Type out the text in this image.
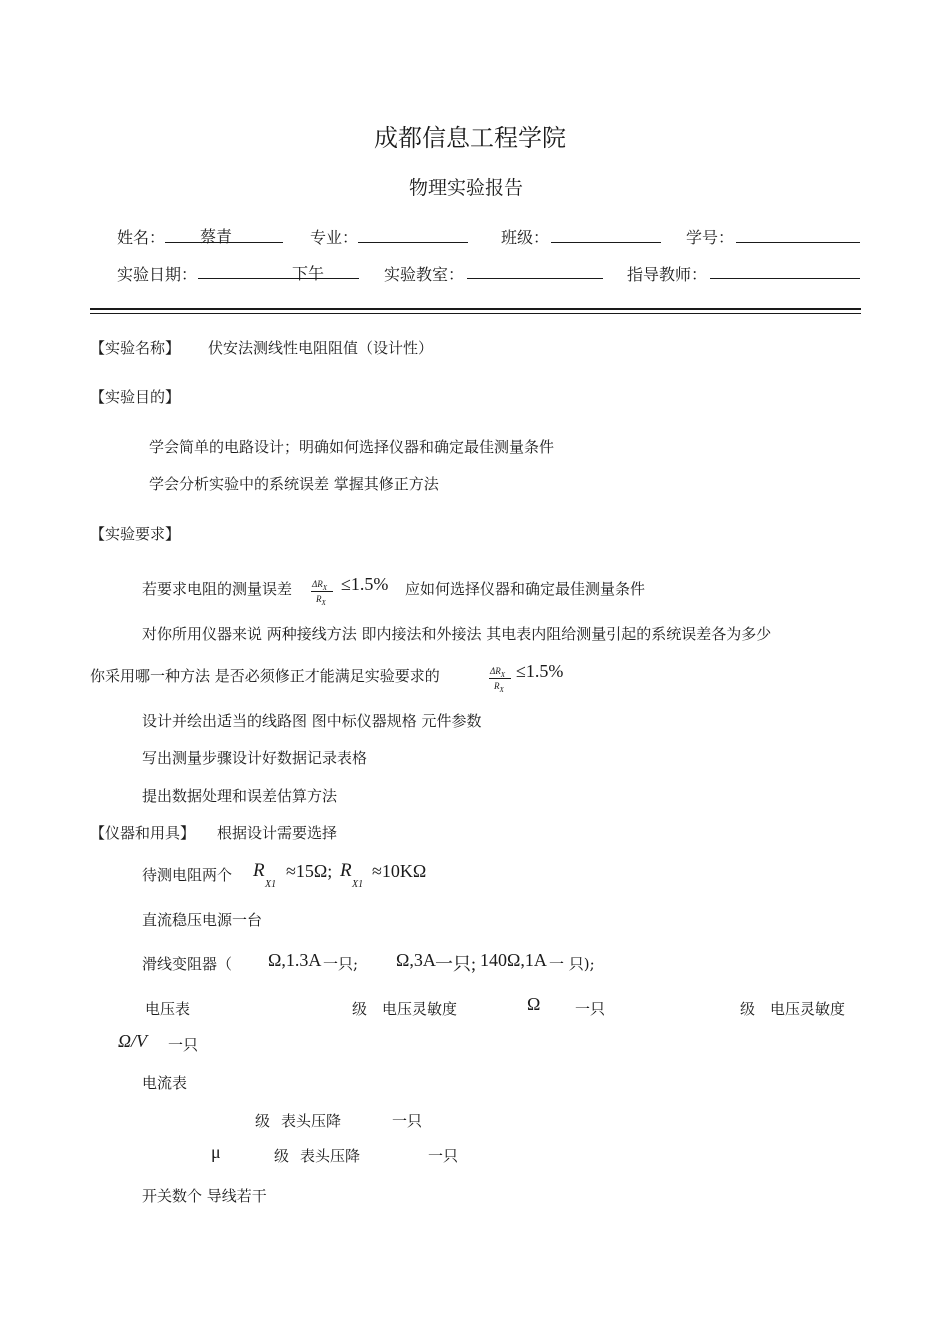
成都信息工程学院
物理实验报告
姓名： 蔡青	专业：	班级：	学号：
实验日期：	下午	实验教室：	指导教师：
【实验名称】 伏安法测线性电阻阻值（设计性）
【实验目的】
学会简单的电路设计；明确如何选择仪器和确定最佳测量条件
学会分析实验中的系统误差 掌握其修正方法
【实验要求】
若要求电阻的测量误差 $\Delta R_X$
$R_X$
≤1.5% 应如何选择仪器和确定最佳测量条件
对你所用仪器来说 两种接线方法 即内接法和外接法 其电表内阻给测量引起的系统误差各为多少
你采用哪一种方法 是否必须修正才能满足实验要求的	$\Delta R_X$
$R_X$
≤1.5%
设计并绘出适当的线路图 图中标仪器规格 元件参数
写出测量步骤设计好数据记录表格
提出数据处理和误差估算方法
【仪器和用具】 根据设计需要选择
待测电阻两个 R
X1
≈15Ω; R
X1
≈10KΩ
直流稳压电源一台
滑线变阻器（ Ω,1.3A 一只; Ω,3A 一只; 140Ω,1A 一 只);
电压表	级 电压灵敏度	Ω 一只	级 电压灵敏度
Ω/V 一只
电流表
级 表头压降	一只
μ	级 表头压降	一只
开关数个 导线若干
